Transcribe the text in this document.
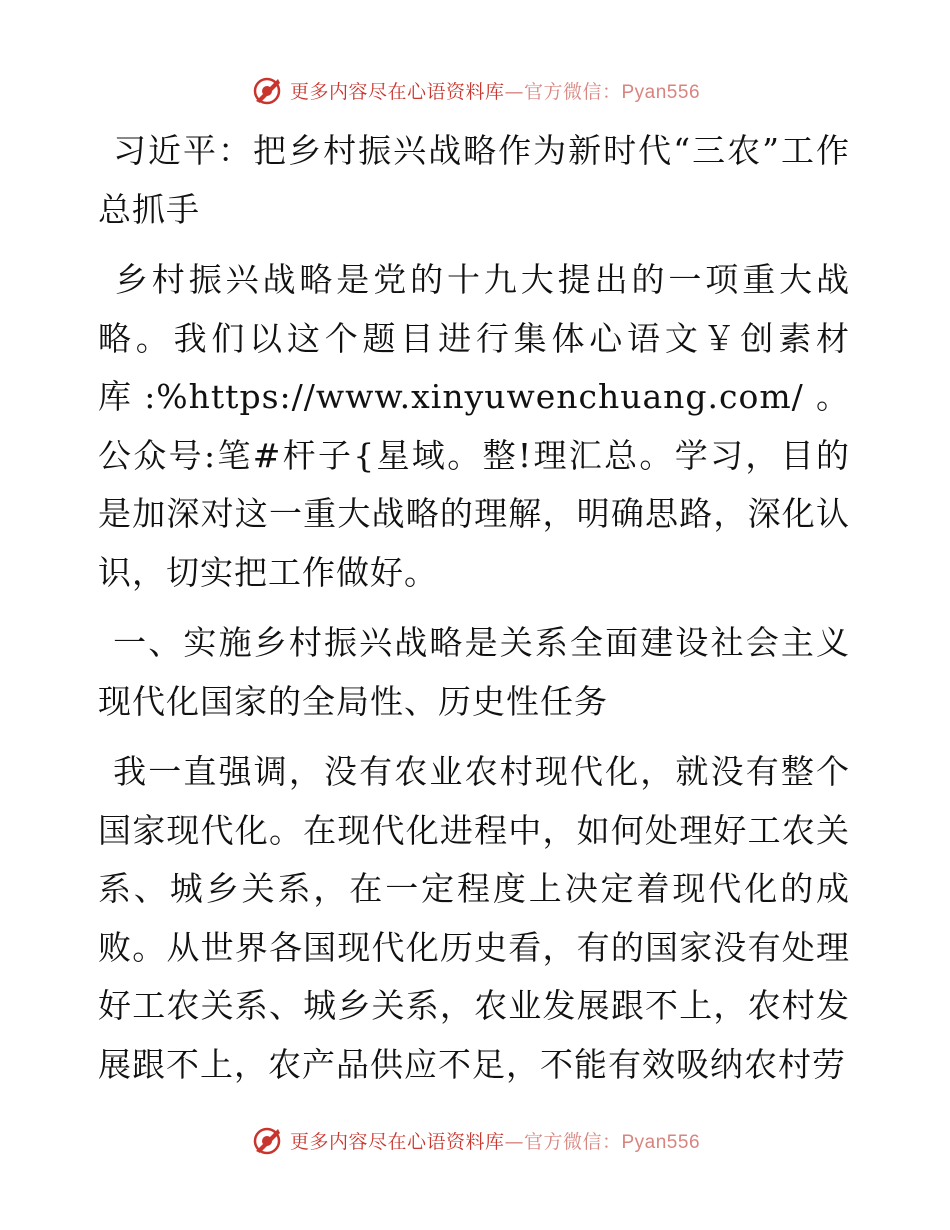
更多内容尽在心语资料库—官方微信：Pyan556

习近平：把乡村振兴战略作为新时代“三农”工作总抓手

乡村振兴战略是党的十九大提出的一项重大战略。我们以这个题目进行集体心语文￥创素材库:%https://www.xinyuwenchuang.com/。公众号:笔#杆子{星域。整!理汇总。学习，目的是加深对这一重大战略的理解，明确思路，深化认识，切实把工作做好。

一、实施乡村振兴战略是关系全面建设社会主义现代化国家的全局性、历史性任务

我一直强调，没有农业农村现代化，就没有整个国家现代化。在现代化进程中，如何处理好工农关系、城乡关系，在一定程度上决定着现代化的成败。从世界各国现代化历史看，有的国家没有处理好工农关系、城乡关系，农业发展跟不上，农村发展跟不上，农产品供应不足，不能有效吸纳农村劳

更多内容尽在心语资料库—官方微信：Pyan556
